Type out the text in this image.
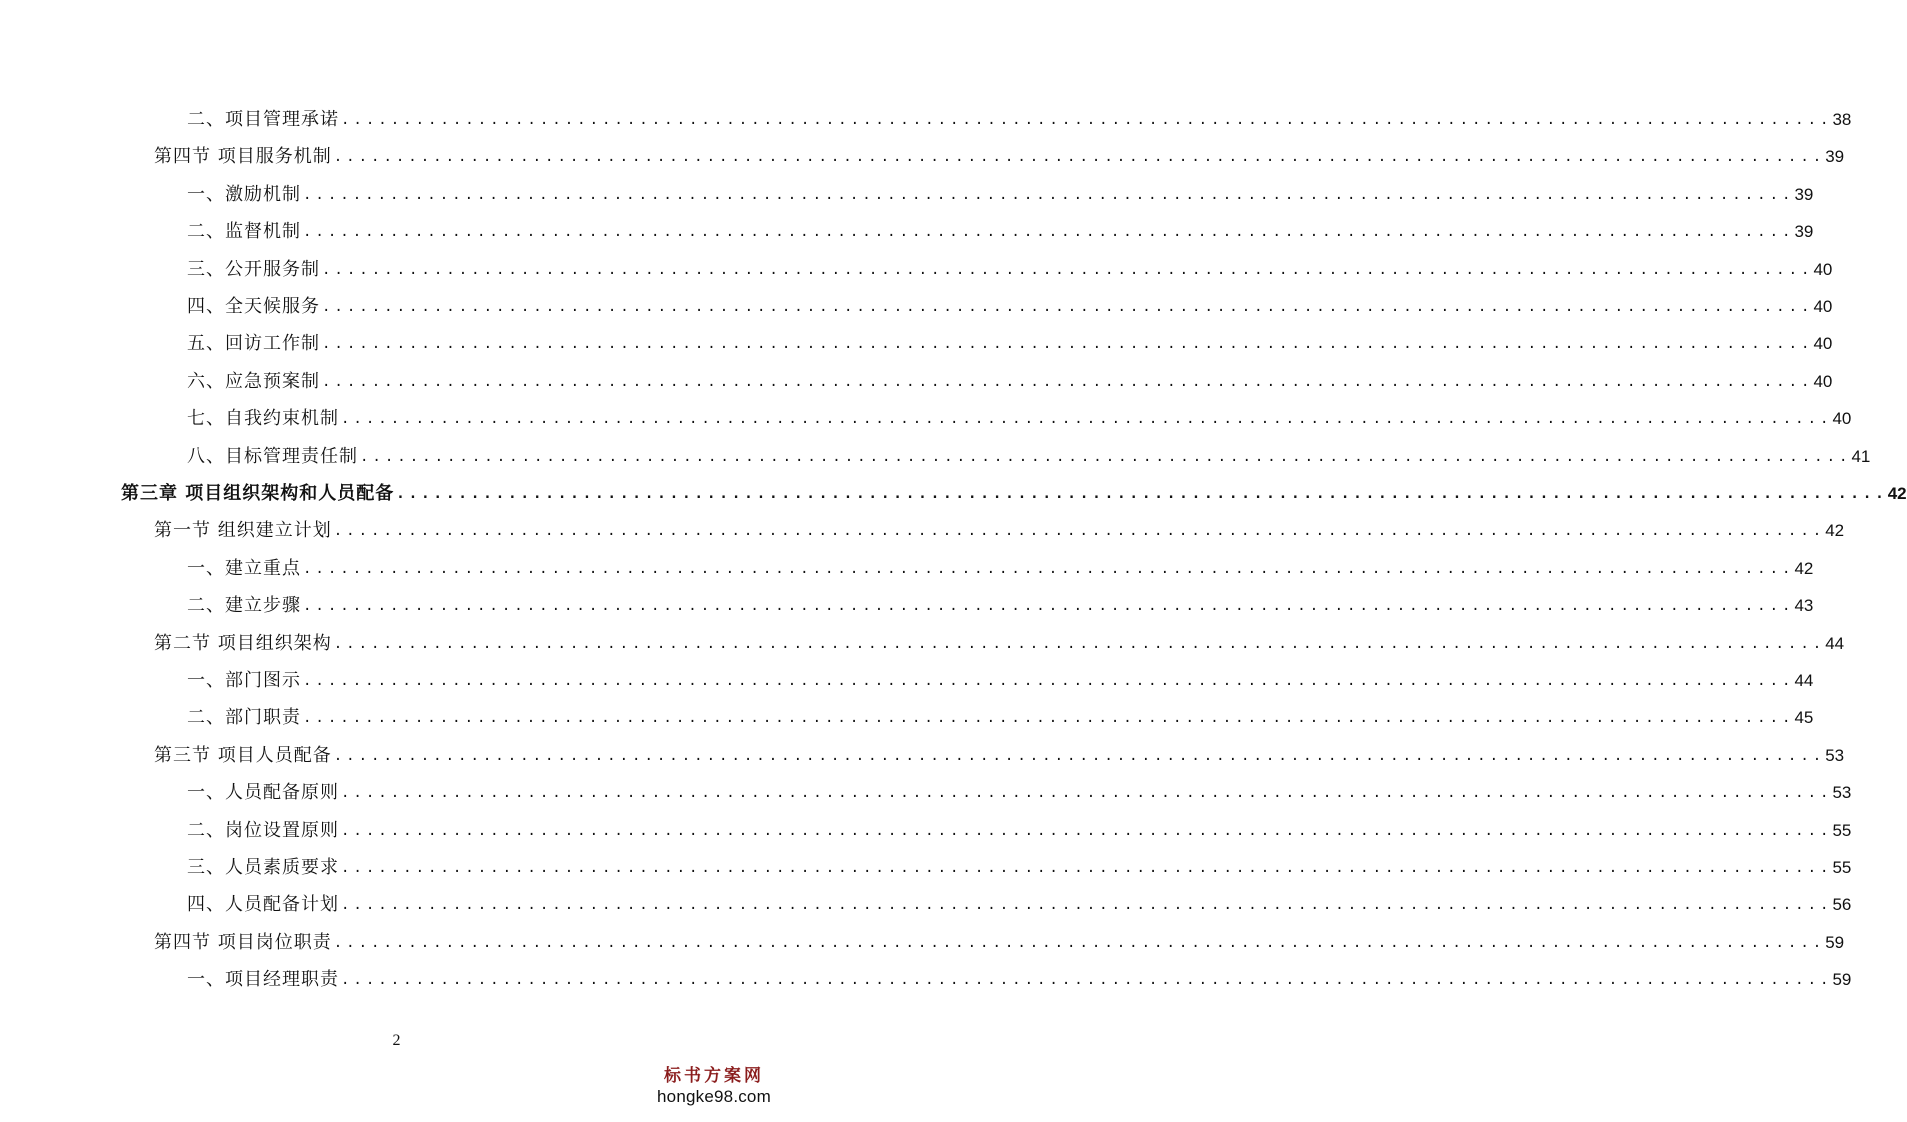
二、项目管理承诺 ........................................................................................................................ 38
第四节 项目服务机制 ........................................................................................................................ 39
一、激励机制 ........................................................................................................................ 39
二、监督机制 ........................................................................................................................ 39
三、公开服务制 ........................................................................................................................ 40
四、全天候服务 ........................................................................................................................ 40
五、回访工作制 ........................................................................................................................ 40
六、应急预案制 ........................................................................................................................ 40
七、自我约束机制 ........................................................................................................................ 40
八、目标管理责任制 ........................................................................................................................ 41
第三章 项目组织架构和人员配备 ........................................................................................................................ 42
第一节 组织建立计划 ........................................................................................................................ 42
一、建立重点 ........................................................................................................................ 42
二、建立步骤 ........................................................................................................................ 43
第二节 项目组织架构 ........................................................................................................................ 44
一、部门图示 ........................................................................................................................ 44
二、部门职责 ........................................................................................................................ 45
第三节 项目人员配备 ........................................................................................................................ 53
一、人员配备原则 ........................................................................................................................ 53
二、岗位设置原则 ........................................................................................................................ 55
三、人员素质要求 ........................................................................................................................ 55
四、人员配备计划 ........................................................................................................................ 56
第四节 项目岗位职责 ........................................................................................................................ 59
一、项目经理职责 ........................................................................................................................ 59
2
标书方案网
hongke98.com
